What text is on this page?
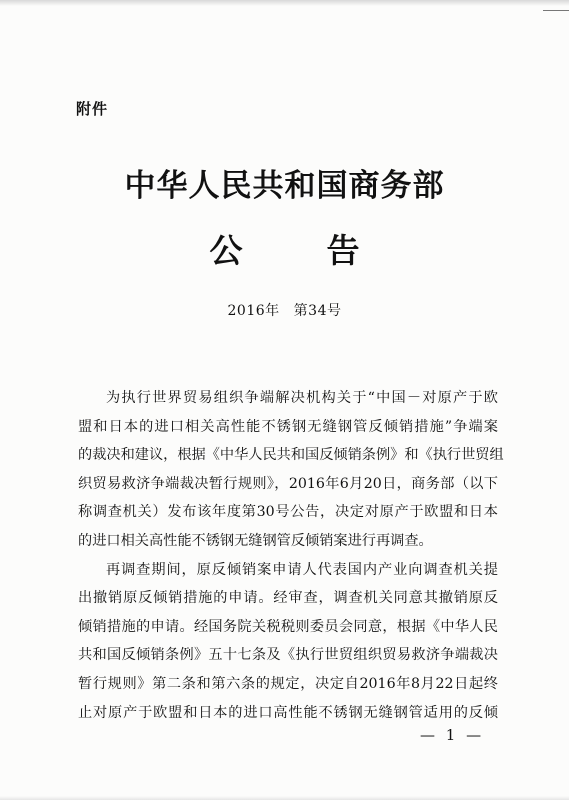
附件
中华人民共和国商务部
公	告
2016年 第34号
为执行世界贸易组织争端解决机构关于“中国－对原产于欧
盟和日本的进口相关高性能不锈钢无缝钢管反倾销措施”争端案
的裁决和建议，根据《中华人民共和国反倾销条例》和《执行世贸组
织贸易救济争端裁决暂行规则》，2016年6月20日，商务部（以下
称调查机关）发布该年度第30号公告，决定对原产于欧盟和日本
的进口相关高性能不锈钢无缝钢管反倾销案进行再调查。
再调查期间，原反倾销案申请人代表国内产业向调查机关提
出撤销原反倾销措施的申请。经审查，调查机关同意其撤销原反
倾销措施的申请。经国务院关税税则委员会同意，根据《中华人民
共和国反倾销条例》五十七条及《执行世贸组织贸易救济争端裁决
暂行规则》第二条和第六条的规定，决定自2016年8月22日起终
止对原产于欧盟和日本的进口高性能不锈钢无缝钢管适用的反倾
— 1 —
